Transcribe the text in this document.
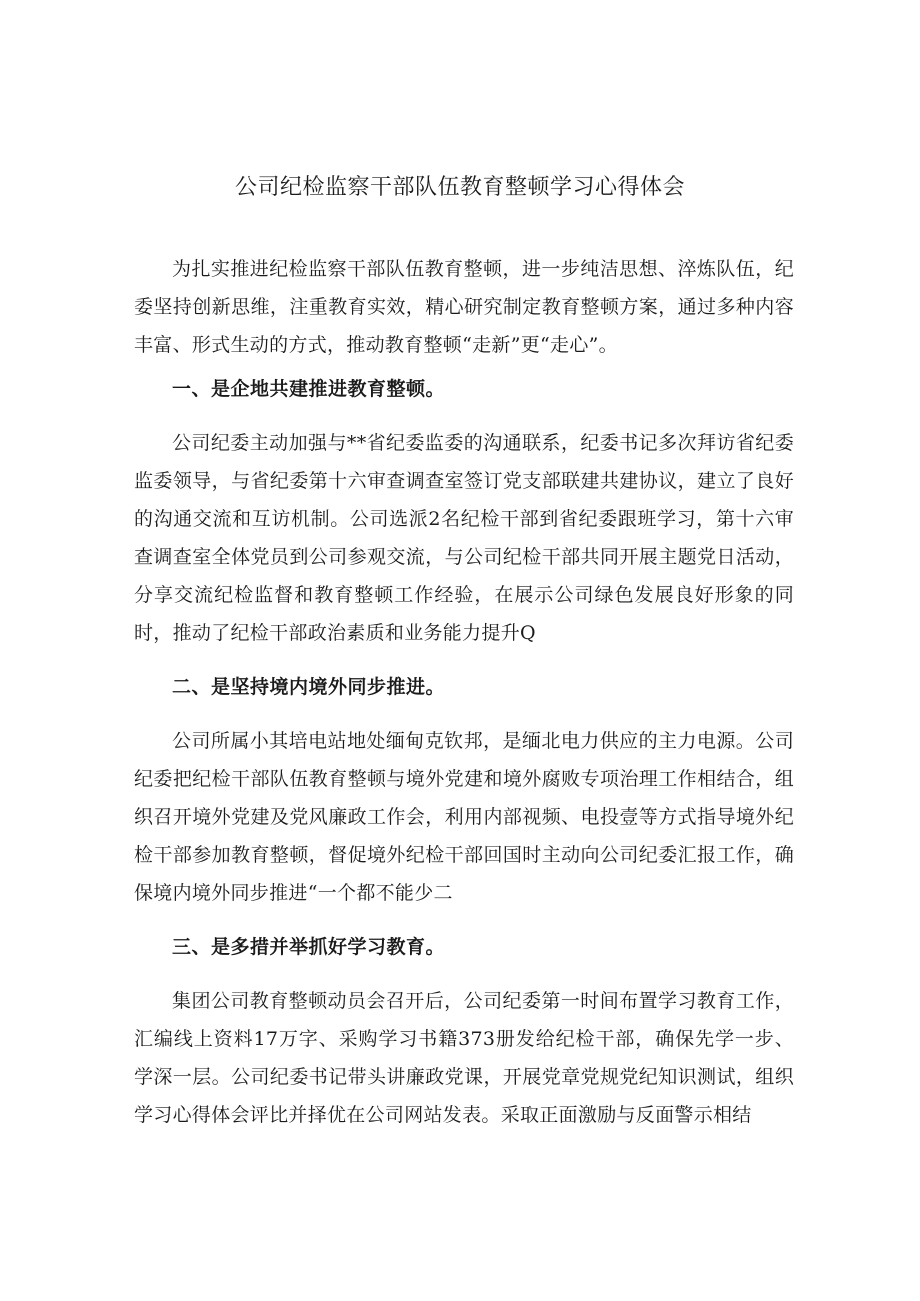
公司纪检监察干部队伍教育整顿学习心得体会

为扎实推进纪检监察干部队伍教育整顿，进一步纯洁思想、淬炼队伍，纪委坚持创新思维，注重教育实效，精心研究制定教育整顿方案，通过多种内容丰富、形式生动的方式，推动教育整顿“走新”更“走心”。

一、是企地共建推进教育整顿。

公司纪委主动加强与**省纪委监委的沟通联系，纪委书记多次拜访省纪委监委领导，与省纪委第十六审查调查室签订党支部联建共建协议，建立了良好的沟通交流和互访机制。公司选派2名纪检干部到省纪委跟班学习，第十六审查调查室全体党员到公司参观交流，与公司纪检干部共同开展主题党日活动，分享交流纪检监督和教育整顿工作经验，在展示公司绿色发展良好形象的同时，推动了纪检干部政治素质和业务能力提升Q

二、是坚持境内境外同步推进。

公司所属小其培电站地处缅甸克钦邦，是缅北电力供应的主力电源。公司纪委把纪检干部队伍教育整顿与境外党建和境外腐败专项治理工作相结合，组织召开境外党建及党风廉政工作会，利用内部视频、电投壹等方式指导境外纪检干部参加教育整顿，督促境外纪检干部回国时主动向公司纪委汇报工作，确保境内境外同步推进“一个都不能少二

三、是多措并举抓好学习教育。

集团公司教育整顿动员会召开后，公司纪委第一时间布置学习教育工作，汇编线上资料17万字、采购学习书籍373册发给纪检干部，确保先学一步、学深一层。公司纪委书记带头讲廉政党课，开展党章党规党纪知识测试，组织学习心得体会评比并择优在公司网站发表。采取正面激励与反面警示相结
